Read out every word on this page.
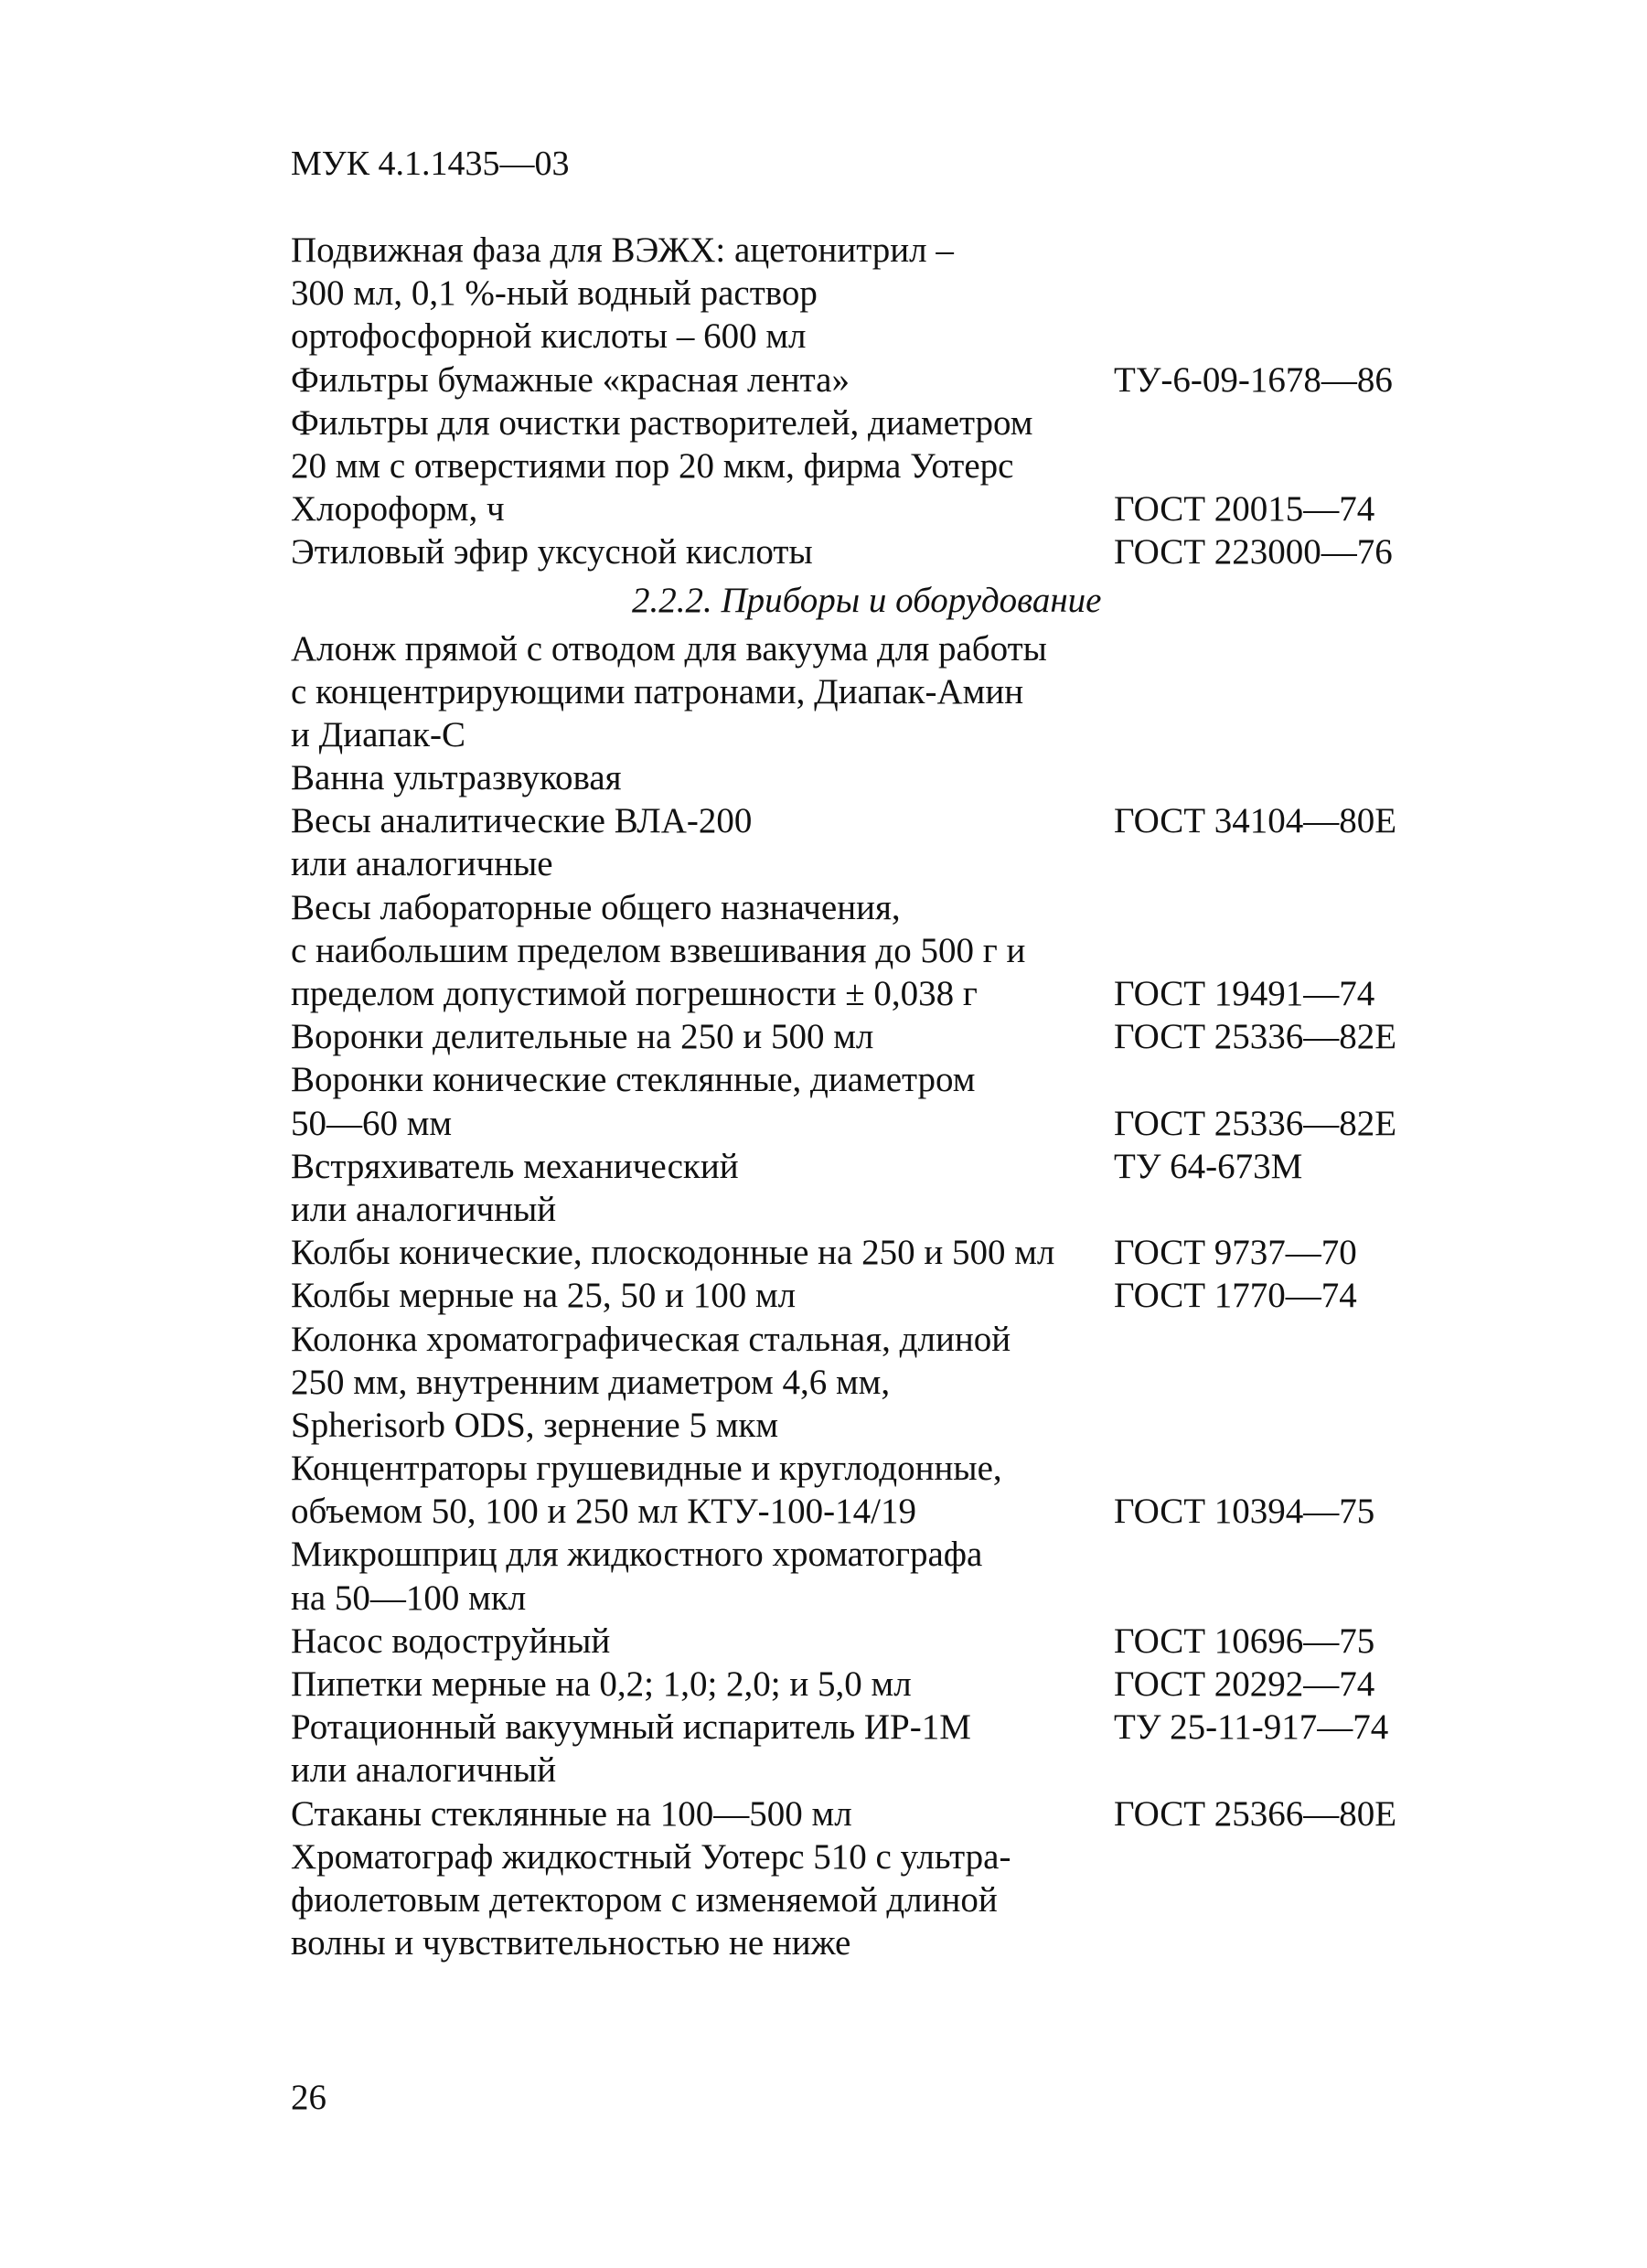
МУК 4.1.1435—03
Подвижная фаза для ВЭЖХ: ацетонитрил –
300 мл, 0,1 %-ный водный раствор
ортофосфорной кислоты – 600 мл
Фильтры бумажные «красная лента»	ТУ-6-09-1678—86
Фильтры для очистки растворителей, диаметром
20 мм с отверстиями пор 20 мкм, фирма Уотерс
Хлороформ, ч	ГОСТ 20015—74
Этиловый эфир уксусной кислоты	ГОСТ 223000—76
2.2.2. Приборы и оборудование
Алонж прямой с отводом для вакуума для работы
с концентрирующими патронами, Диапак-Амин
и Диапак-С
Ванна ультразвуковая
Весы аналитические ВЛА-200	ГОСТ 34104—80Е
или аналогичные
Весы лабораторные общего назначения,
с наибольшим пределом взвешивания до 500 г и
пределом допустимой погрешности ± 0,038 г	ГОСТ 19491—74
Воронки делительные на 250 и 500 мл	ГОСТ 25336—82Е
Воронки конические стеклянные, диаметром
50—60 мм	ГОСТ 25336—82Е
Встряхиватель механический	ТУ 64-673М
или аналогичный
Колбы конические, плоскодонные на 250 и 500 мл ГОСТ 9737—70
Колбы мерные на 25, 50 и 100 мл	ГОСТ 1770—74
Колонка хроматографическая стальная, длиной
250 мм, внутренним диаметром 4,6 мм,
Spherisorb ODS, зернение 5 мкм
Концентраторы грушевидные и круглодонные,
объемом 50, 100 и 250 мл КТУ-100-14/19	ГОСТ 10394—75
Микрошприц для жидкостного хроматографа
на 50—100 мкл
Насос водоструйный	ГОСТ 10696—75
Пипетки мерные на 0,2; 1,0; 2,0; и 5,0 мл	ГОСТ 20292—74
Ротационный вакуумный испаритель ИР-1М	ТУ 25-11-917—74
или аналогичный
Стаканы стеклянные на 100—500 мл	ГОСТ 25366—80Е
Хроматограф жидкостный Уотерс 510 с ультра-
фиолетовым детектором с изменяемой длиной
волны и чувствительностью не ниже
26
